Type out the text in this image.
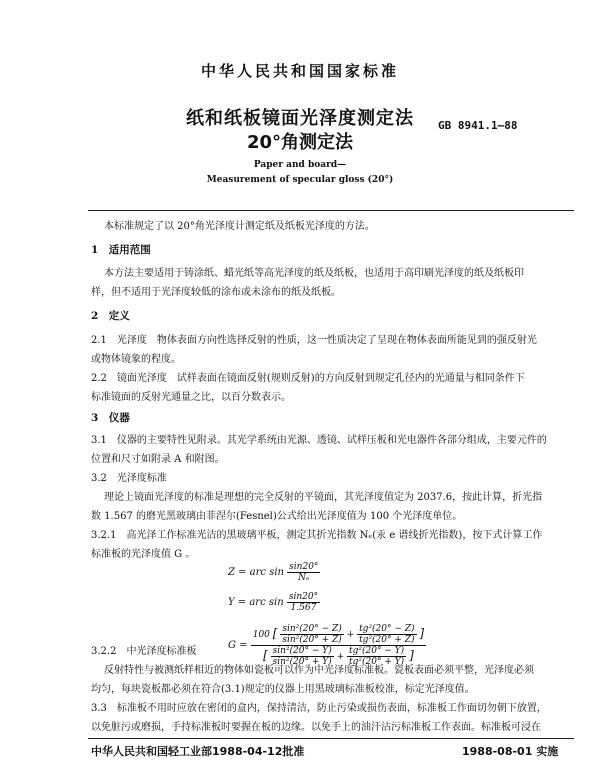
中华人民共和国国家标准
纸和纸板镜面光泽度测定法
20°角测定法
GB 8941.1—88
Paper and board—
Measurement of specular gloss (20°)
本标准规定了以 20°角光泽度计测定纸及纸板光泽度的方法。
1　适用范围
本方法主要适用于铸涂纸、蜡光纸等高光泽度的纸及纸板，也适用于高印刷光泽度的纸及纸板印
样，但不适用于光泽度较低的涂布或未涂布的纸及纸板。
2　定义
2.1　光泽度　物体表面方向性选择反射的性质，这一性质决定了呈现在物体表面所能见到的强反射光
或物体镜象的程度。
2.2　镜面光泽度　试样表面在镜面反射(规则反射)的方向反射到规定孔径内的光通量与相同条件下
标准镜面的反射光通量之比，以百分数表示。
3　仪器
3.1　仪器的主要特性见附录。其光学系统由光源、透镜、试样压板和光电器件各部分组成，主要元件的
位置和尺寸如附录 A 和附图。
3.2　光泽度标准
理论上镜面光泽度的标准是理想的完全反射的平镜面，其光泽度值定为 2037.6，按此计算，折光指
数 1.567 的磨光黑玻璃由菲涅尔(Fesnel)公式给出光泽度值为 100 个光泽度单位。
3.2.1　高光泽工作标准光洁的黑玻璃平板，测定其折光指数 Nₑ(汞 e 谱线折光指数)，按下式计算工作
标准板的光泽度值 G 。
Z = arc $\sin \frac{\sin 20^\circ}{\text{Nₑ}}$
Y = arc $\sin \frac{\sin 20^\circ}{1.567}$
G =
100 [ $\frac{\text{sin²(20° − Z)}}{\text{sin²(20° + Z)}} + \frac{\text{tg²(20° − Z)}}{\text{tg²(20° + Z)}}$ ]
[ $\frac{\text{sin²(20° − Y)}}{\text{sin²(20° + Y)}} + \frac{\text{tg²(20° − Y)}}{\text{tg²(20° + Y)}}$ ]
3.2.2　中光泽度标准板
反射特性与被测纸样相近的物体如瓷板可以作为中光泽度标准板。瓷板表面必须平整，光泽度必须
均匀，每块瓷板都必须在符合(3.1)规定的仪器上用黑玻璃标准板校准，标定光泽度值。
3.3　标准板不用时应放在密闭的盒内，保持清洁，防止污染或损伤表面，标准板工作面切勿朝下放置，
以免脏污或磨损，手持标准板时要握在板的边缘。以免手上的油汗沾污标准板工作表面。标准板可浸在
中华人民共和国轻工业部1988-04-12批准	1988-08-01 实施
